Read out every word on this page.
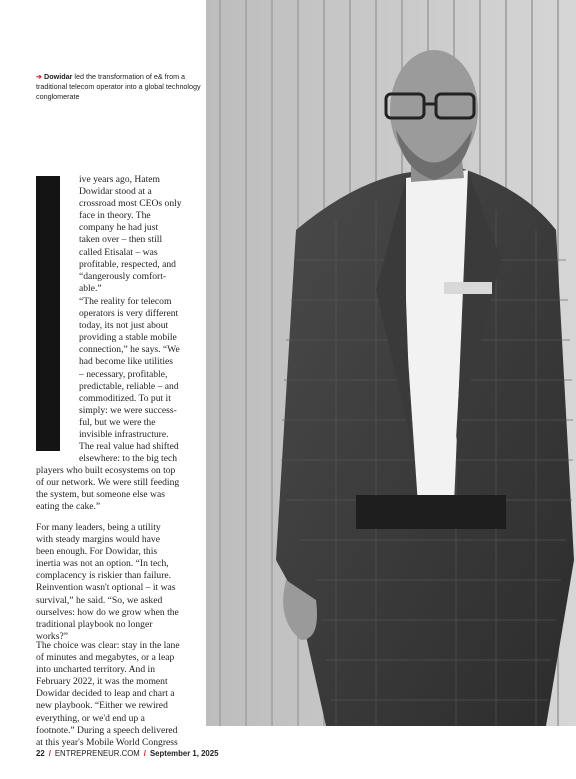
➔ Dowidar led the transformation of e& from a traditional telecom operator into a global technology conglomerate

ive years ago, Hatem
Dowidar stood at a
crossroad most CEOs only
face in theory. The
company he had just
taken over – then still
called Etisalat – was
profitable, respected, and
“dangerously comfort-
able.”

“The reality for telecom
operators is very different
today, its not just about
providing a stable mobile
connection,” he says. “We
had become like utilities
– necessary, profitable,
predictable, reliable – and
commoditized. To put it
simply: we were success-
ful, but we were the
invisible infrastructure.
The real value had shifted
elsewhere: to the big tech

players who built ecosystems on top
of our network. We were still feeding
the system, but someone else was
eating the cake.”

For many leaders, being a utility
with steady margins would have
been enough. For Dowidar, this
inertia was not an option. “In tech,
complacency is riskier than failure.
Reinvention wasn't optional – it was
survival,” he said. “So, we asked
ourselves: how do we grow when the
traditional playbook no longer
works?”

The choice was clear: stay in the lane
of minutes and megabytes, or a leap
into uncharted territory. And in
February 2022, it was the moment
Dowidar decided to leap and chart a
new playbook. “Either we rewired
everything, or we'd end up a
footnote.” During a speech delivered
at this year's Mobile World Congress

22 / ENTREPRENEUR.COM / September 1, 2025
